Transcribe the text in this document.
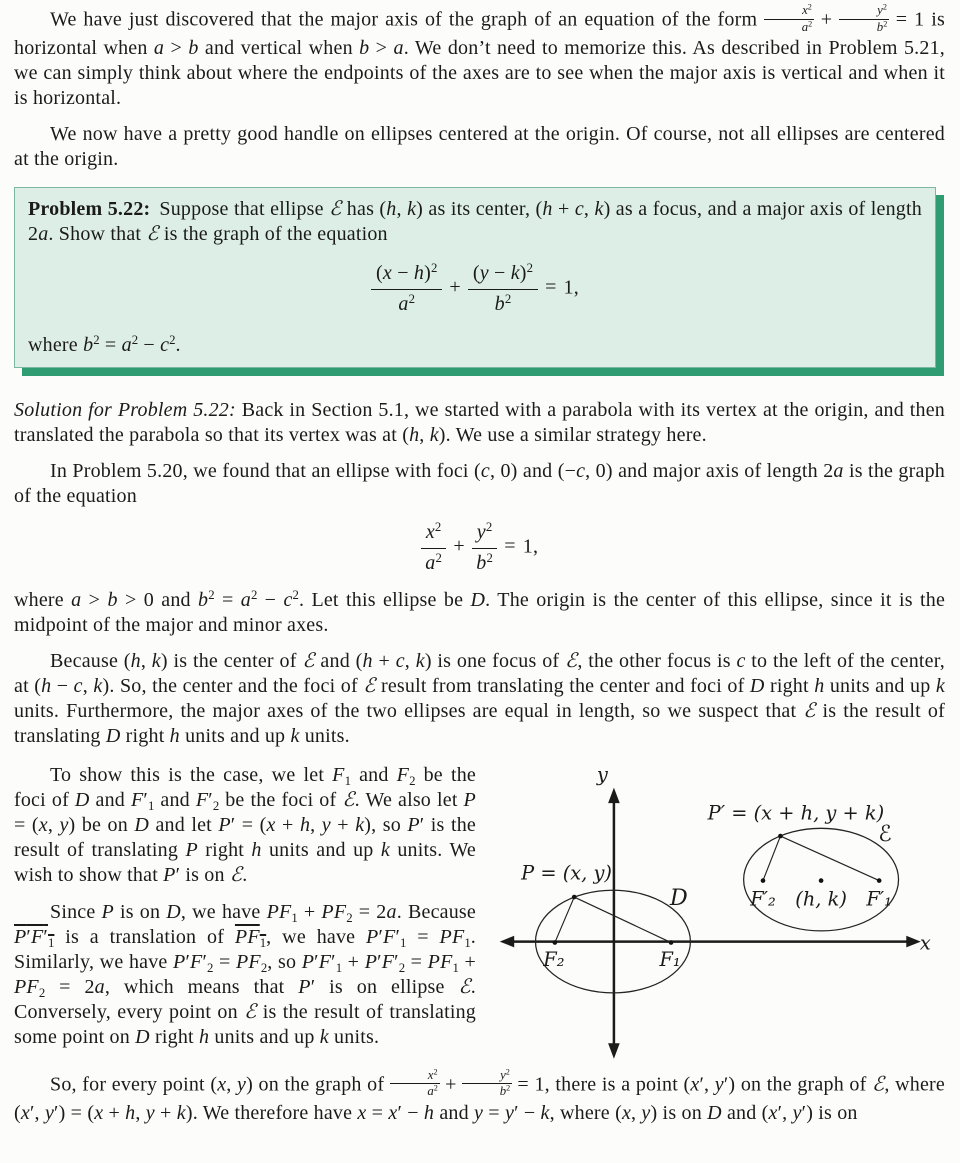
We have just discovered that the major axis of the graph of an equation of the form $\frac{x^2}{a^2} + \frac{y^2}{b^2} = 1$ is horizontal when a > b and vertical when b > a. We don’t need to memorize this. As described in Problem 5.21, we can simply think about where the endpoints of the axes are to see when the major axis is vertical and when it is horizontal.

We now have a pretty good handle on ellipses centered at the origin. Of course, not all ellipses are centered at the origin.

Problem 5.22: Suppose that ellipse ℰ has (h, k) as its center, (h + c, k) as a focus, and a major axis of length 2a. Show that ℰ is the graph of the equation

$\frac{(x - h)^2}{a^2} + \frac{(y - k)^2}{b^2} = 1$,

where $b^2 = a^2 - c^2$.

Solution for Problem 5.22: Back in Section 5.1, we started with a parabola with its vertex at the origin, and then translated the parabola so that its vertex was at (h, k). We use a similar strategy here.

In Problem 5.20, we found that an ellipse with foci (c, 0) and (−c, 0) and major axis of length 2a is the graph of the equation

$\frac{x^2}{a^2} + \frac{y^2}{b^2} = 1$,

where a > b > 0 and $b^2 = a^2 - c^2$. Let this ellipse be D. The origin is the center of this ellipse, since it is the midpoint of the major and minor axes.

Because (h, k) is the center of ℰ and (h + c, k) is one focus of ℰ, the other focus is c to the left of the center, at (h − c, k). So, the center and the foci of ℰ result from translating the center and foci of D right h units and up k units. Furthermore, the major axes of the two ellipses are equal in length, so we suspect that ℰ is the result of translating D right h units and up k units.

To show this is the case, we let $F_1$ and $F_2$ be the foci of D and $F'_1$ and $F'_2$ be the foci of ℰ. We also let P = (x, y) be on D and let P′ = (x + h, y + k), so P′ is the result of translating P right h units and up k units. We wish to show that P′ is on ℰ.

Since P is on D, we have $PF_1 + PF_2 = 2a$. Because $P'F'_1$ is a translation of $PF_1$, we have $P'F'_1 = PF_1$. Similarly, we have $P'F'_2 = PF_2$, so $P'F'_1 + P'F'_2 = PF_1 + PF_2 = 2a$, which means that P′ is on ellipse ℰ. Conversely, every point on ℰ is the result of translating some point on D right h units and up k units.

y
x
D
ℰ
P = (x, y)
F₂	F₁
P′ = (x + h, y + k)
F′₂ (h, k) F′₁

So, for every point (x, y) on the graph of $\frac{x^2}{a^2} + \frac{y^2}{b^2} = 1$, there is a point (x′, y′) on the graph of ℰ, where (x′, y′) = (x + h, y + k). We therefore have x = x′ − h and y = y′ − k, where (x, y) is on D and (x′, y′) is on
